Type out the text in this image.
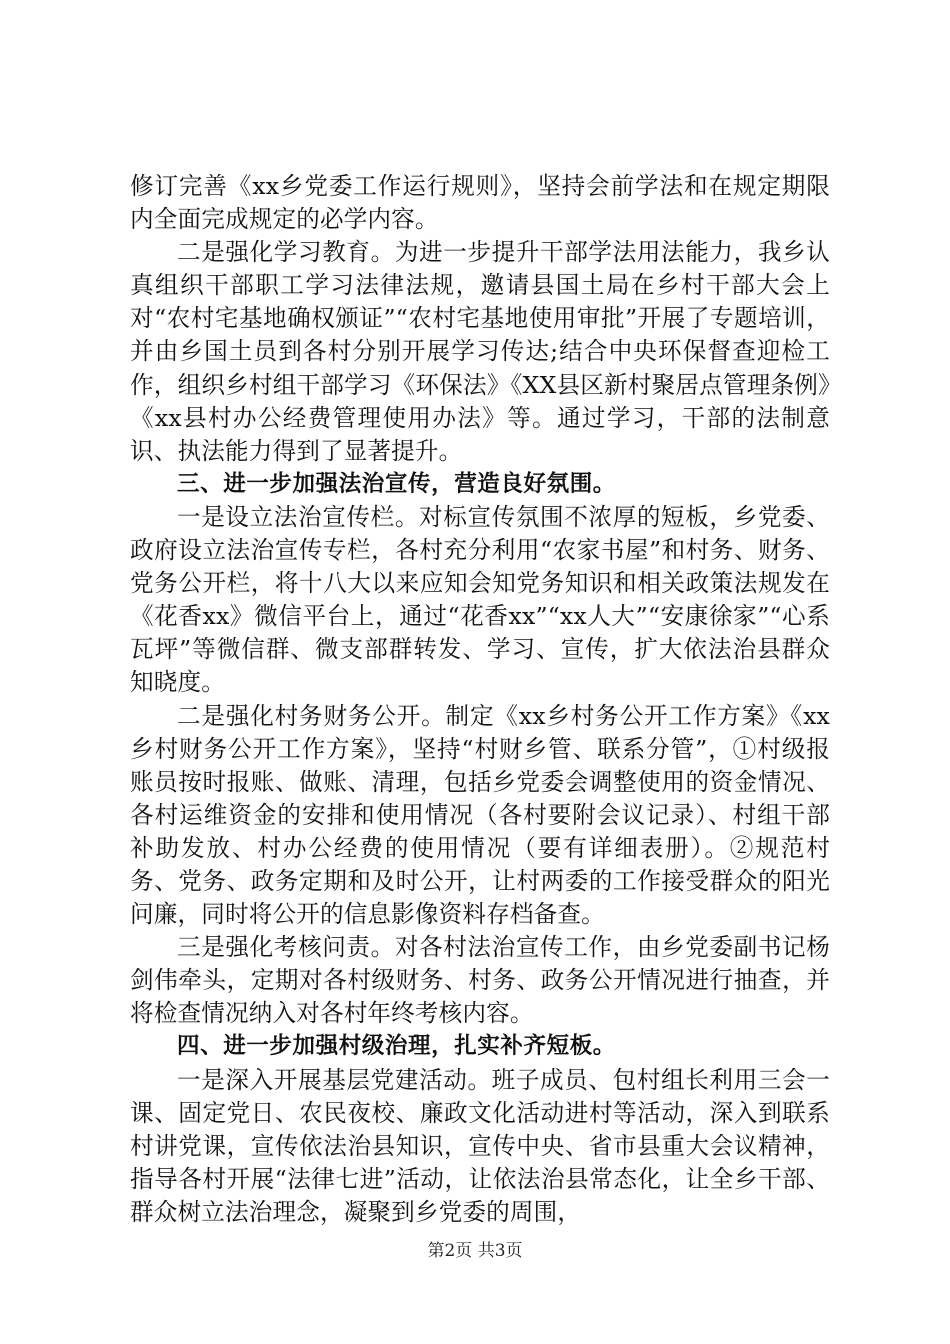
修订完善《xx乡党委工作运行规则》，坚持会前学法和在规定期限内全面完成规定的必学内容。

二是强化学习教育。为进一步提升干部学法用法能力，我乡认真组织干部职工学习法律法规，邀请县国土局在乡村干部大会上对“农村宅基地确权颁证”“农村宅基地使用审批”开展了专题培训，并由乡国土员到各村分别开展学习传达;结合中央环保督查迎检工作，组织乡村组干部学习《环保法》《XX县区新村聚居点管理条例》《xx县村办公经费管理使用办法》等。通过学习，干部的法制意识、执法能力得到了显著提升。

三、进一步加强法治宣传，营造良好氛围。

一是设立法治宣传栏。对标宣传氛围不浓厚的短板，乡党委、政府设立法治宣传专栏，各村充分利用“农家书屋”和村务、财务、党务公开栏，将十八大以来应知会知党务知识和相关政策法规发在《花香xx》微信平台上，通过“花香xx”“xx人大”“安康徐家”“心系瓦坪”等微信群、微支部群转发、学习、宣传，扩大依法治县群众知晓度。

二是强化村务财务公开。制定《xx乡村务公开工作方案》《xx乡村财务公开工作方案》，坚持“村财乡管、联系分管”，①村级报账员按时报账、做账、清理，包括乡党委会调整使用的资金情况、各村运维资金的安排和使用情况（各村要附会议记录）、村组干部补助发放、村办公经费的使用情况（要有详细表册）。②规范村务、党务、政务定期和及时公开，让村两委的工作接受群众的阳光问廉，同时将公开的信息影像资料存档备查。

三是强化考核问责。对各村法治宣传工作，由乡党委副书记杨剑伟牵头，定期对各村级财务、村务、政务公开情况进行抽查，并将检查情况纳入对各村年终考核内容。

四、进一步加强村级治理，扎实补齐短板。

一是深入开展基层党建活动。班子成员、包村组长利用三会一课、固定党日、农民夜校、廉政文化活动进村等活动，深入到联系村讲党课，宣传依法治县知识，宣传中央、省市县重大会议精神，指导各村开展“法律七进”活动，让依法治县常态化，让全乡干部、群众树立法治理念，凝聚到乡党委的周围，

第2页 共3页
